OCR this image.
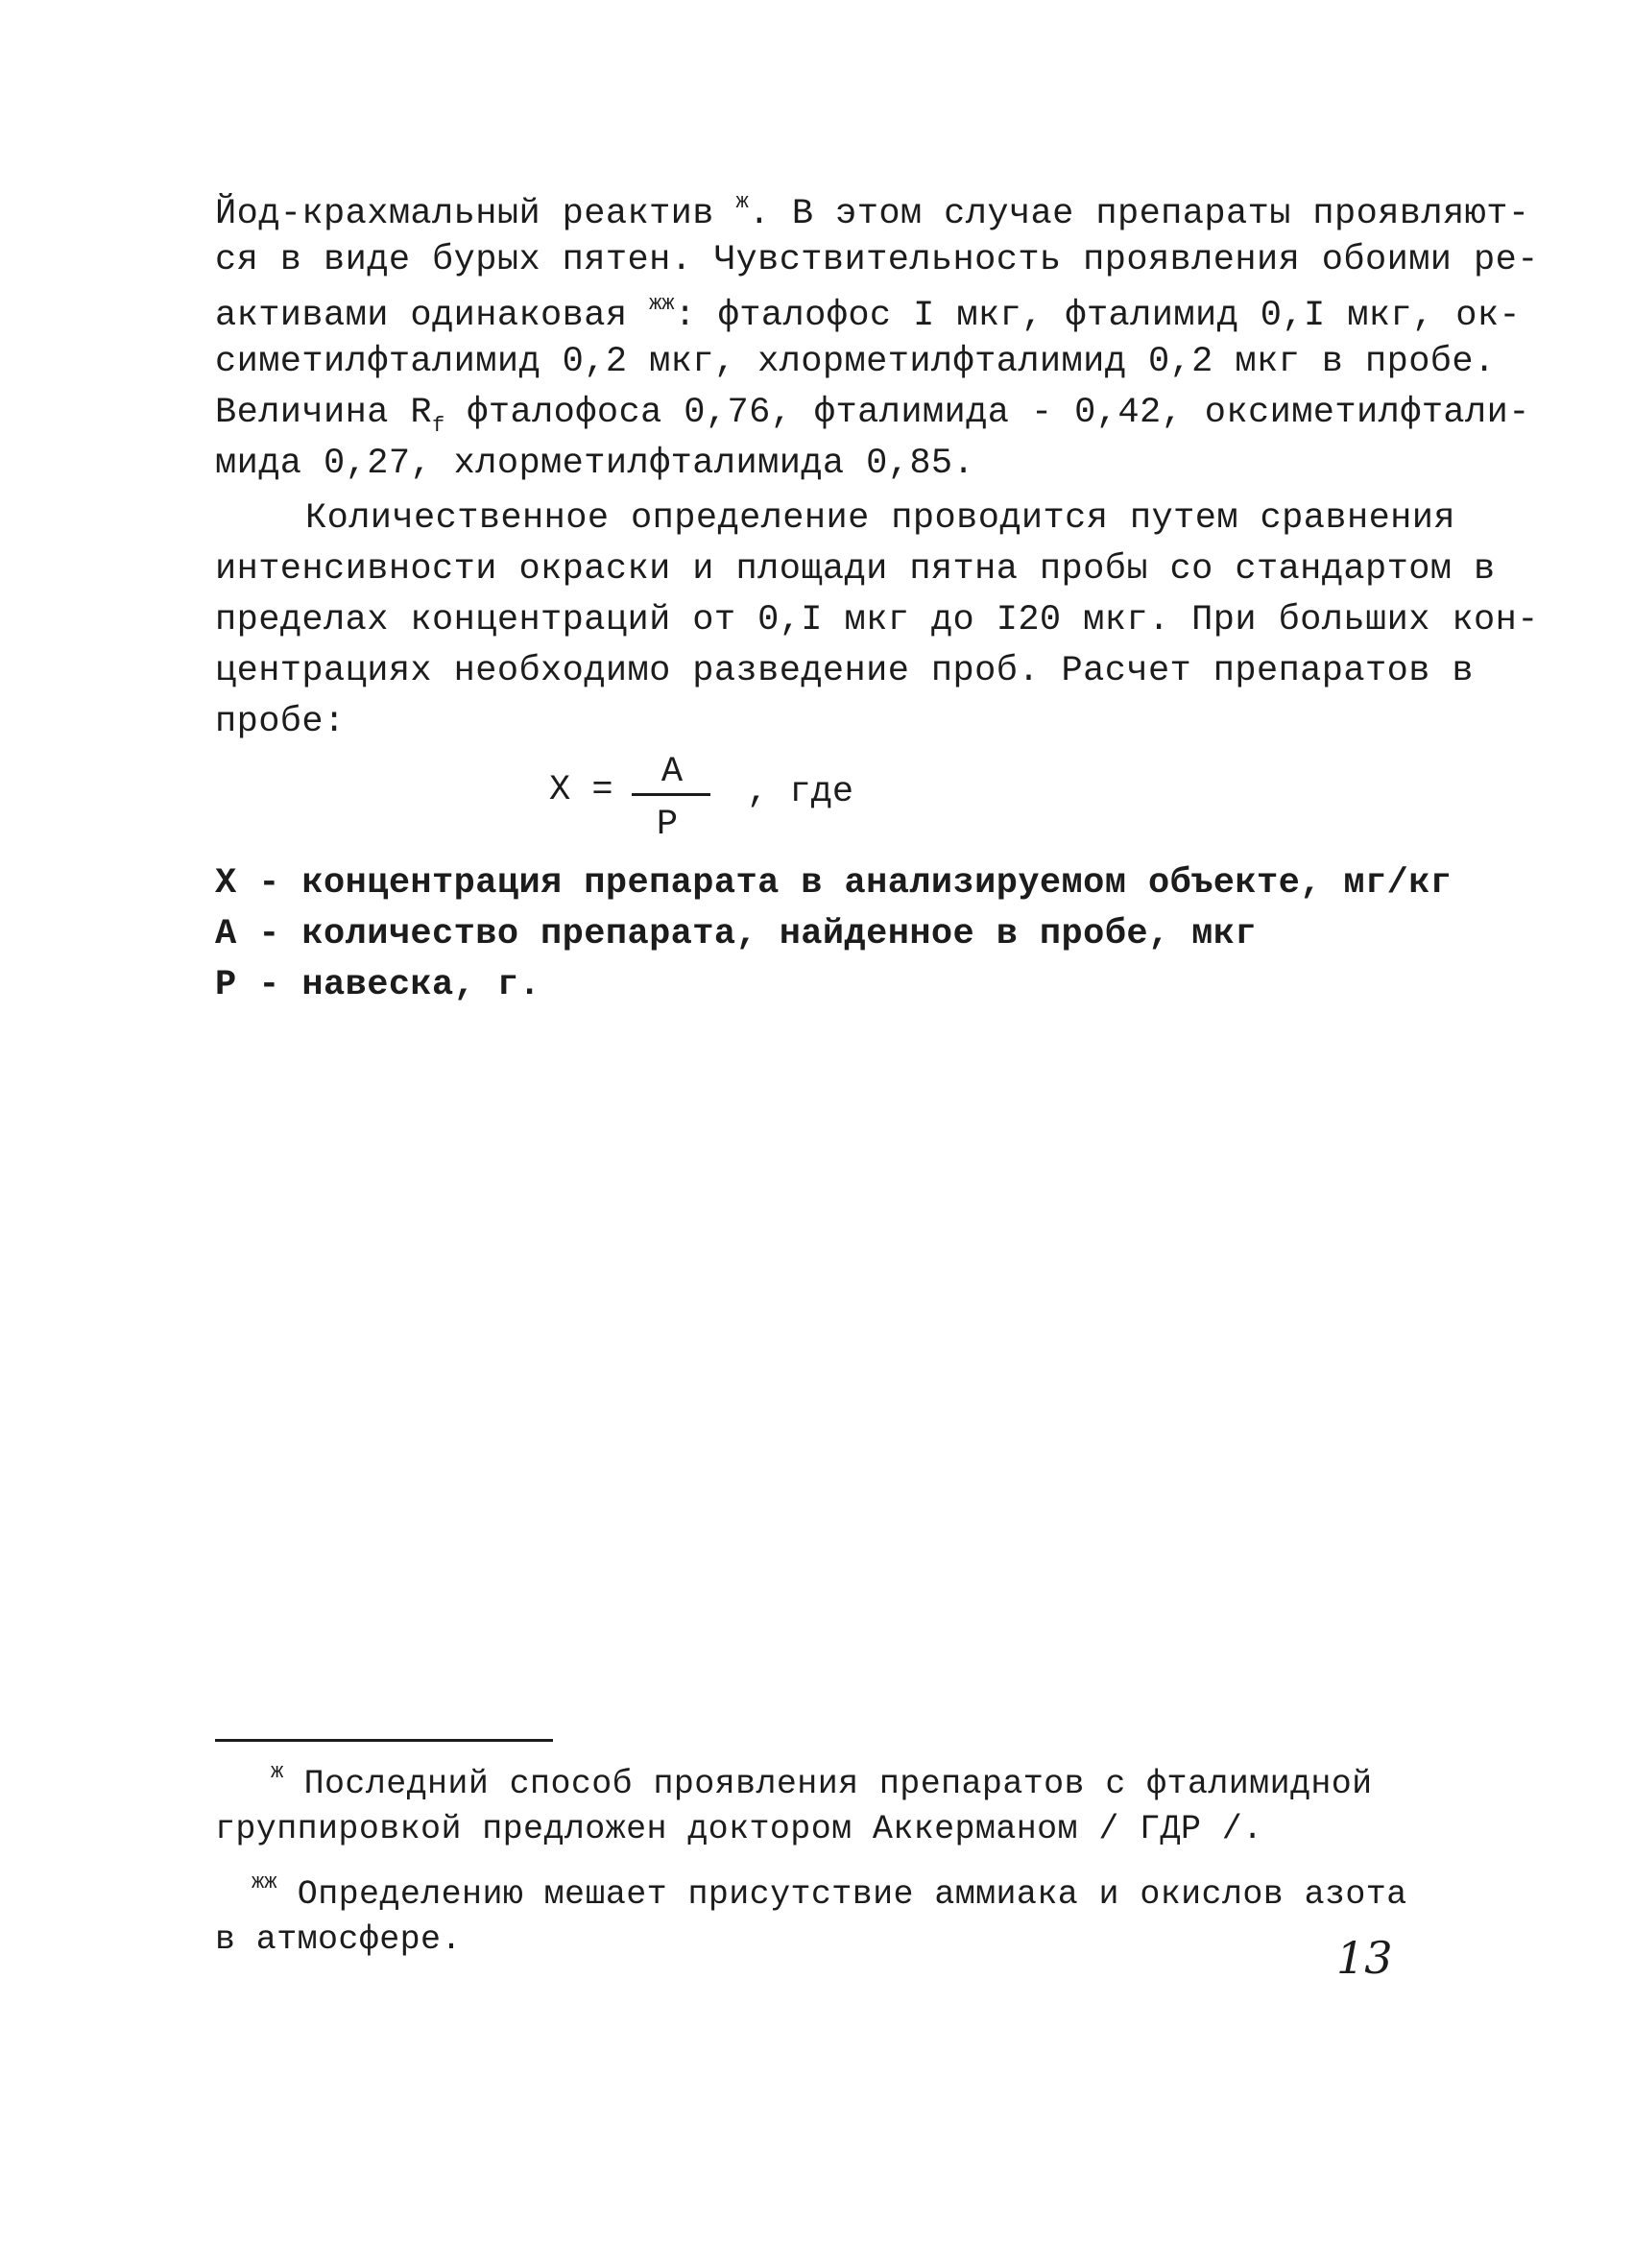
Йод-крахмальный реактив $^ж$. В этом случае препараты проявляют-
ся в виде бурых пятен. Чувствительность проявления обоими ре-
активами одинаковая $^{жж}$: фталофос I мкг, фталимид 0,I мкг, ок-
симетилфталимид 0,2 мкг, хлорметилфталимид 0,2 мкг в пробе.
Величина $R_f$ фталофоса 0,76, фталимида - 0,42, оксиметилфтали-
мида 0,27, хлорметилфталимида 0,85.
Количественное определение проводится путем сравнения
интенсивности окраски и площади пятна пробы со стандартом в
пределах концентраций от 0,I мкг до I20 мкг. При больших кон-
центрациях необходимо разведение проб. Расчет препаратов в
пробе:
X = A
P
, где
X - концентрация препарата в анализируемом объекте, мг/кг
A - количество препарата, найденное в пробе, мкг
P - навеска, г.
$^ж$ Последний способ проявления препаратов с фталимидной
группировкой предложен доктором Аккерманом / ГДР /.
$^{жж}$ Определению мешает присутствие аммиака и окислов азота
в атмосфере.	13
